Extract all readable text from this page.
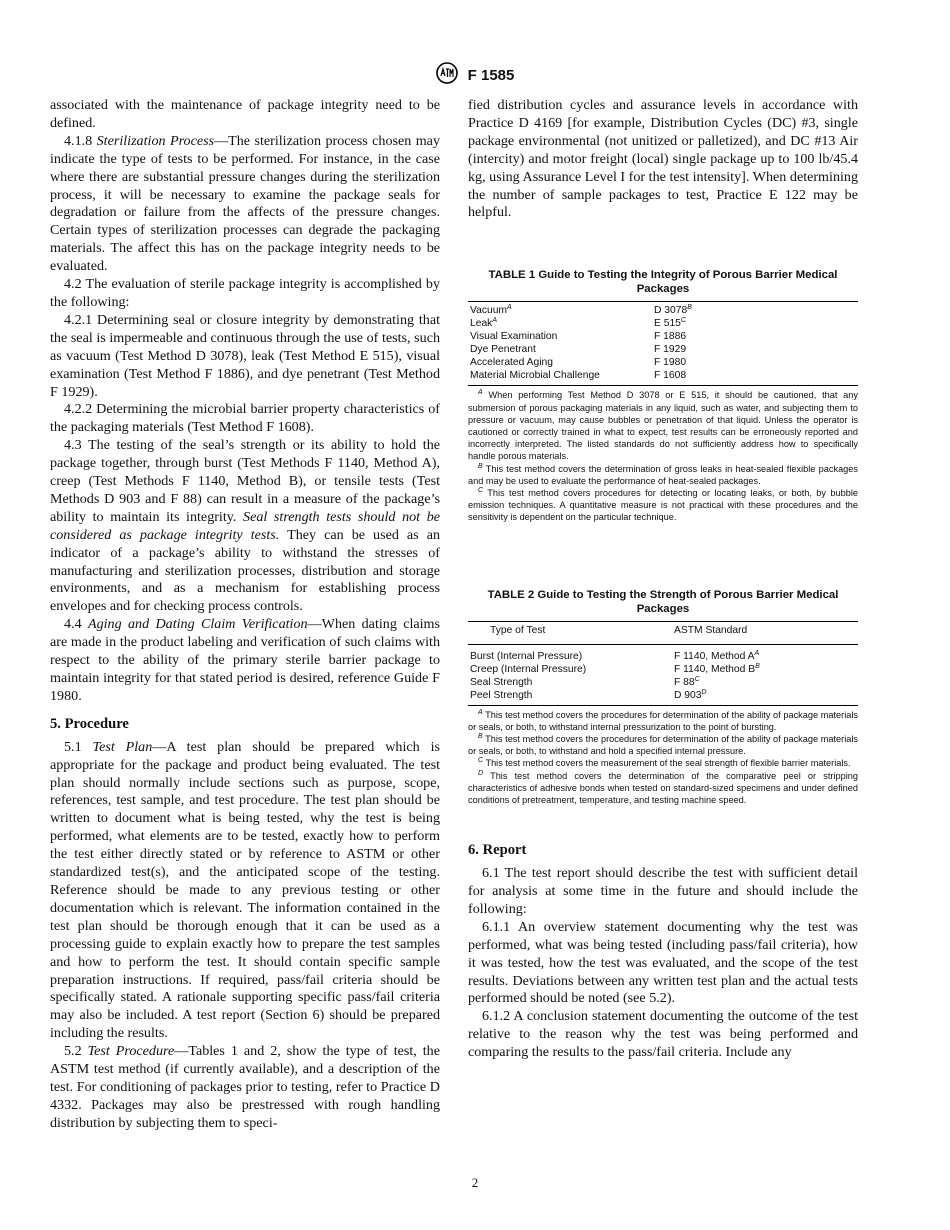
F 1585

associated with the maintenance of package integrity need to be defined.

4.1.8 Sterilization Process—The sterilization process chosen may indicate the type of tests to be performed. For instance, in the case where there are substantial pressure changes during the sterilization process, it will be necessary to examine the package seals for degradation or failure from the affects of the pressure changes. Certain types of sterilization processes can degrade the packaging materials. The affect this has on the package integrity needs to be evaluated.

4.2 The evaluation of sterile package integrity is accomplished by the following:

4.2.1 Determining seal or closure integrity by demonstrating that the seal is impermeable and continuous through the use of tests, such as vacuum (Test Method D 3078), leak (Test Method E 515), visual examination (Test Method F 1886), and dye penetrant (Test Method F 1929).

4.2.2 Determining the microbial barrier property characteristics of the packaging materials (Test Method F 1608).

4.3 The testing of the seal’s strength or its ability to hold the package together, through burst (Test Methods F 1140, Method A), creep (Test Methods F 1140, Method B), or tensile tests (Test Methods D 903 and F 88) can result in a measure of the package’s ability to maintain its integrity. Seal strength tests should not be considered as package integrity tests. They can be used as an indicator of a package’s ability to withstand the stresses of manufacturing and sterilization processes, distribution and storage environments, and as a mechanism for establishing process envelopes and for checking process controls.

4.4 Aging and Dating Claim Verification—When dating claims are made in the product labeling and verification of such claims with respect to the ability of the primary sterile barrier package to maintain integrity for that stated period is desired, reference Guide F 1980.

5. Procedure

5.1 Test Plan—A test plan should be prepared which is appropriate for the package and product being evaluated. The test plan should normally include sections such as purpose, scope, references, test sample, and test procedure. The test plan should be written to document what is being tested, why the test is being performed, what elements are to be tested, exactly how to perform the test either directly stated or by reference to ASTM or other standardized test(s), and the anticipated scope of the testing. Reference should be made to any previous testing or other documentation which is relevant. The information contained in the test plan should be thorough enough that it can be used as a processing guide to explain exactly how to prepare the test samples and how to perform the test. It should contain specific sample preparation instructions. If required, pass/fail criteria should be specifically stated. A rationale supporting specific pass/fail criteria may also be included. A test report (Section 6) should be prepared including the results.

5.2 Test Procedure—Tables 1 and 2, show the type of test, the ASTM test method (if currently available), and a description of the test. For conditioning of packages prior to testing, refer to Practice D 4332. Packages may also be prestressed with rough handling distribution by subjecting them to speci-

fied distribution cycles and assurance levels in accordance with Practice D 4169 [for example, Distribution Cycles (DC) #3, single package environmental (not unitized or palletized), and DC #13 Air (intercity) and motor freight (local) single package up to 100 lb/45.4 kg, using Assurance Level I for the test intensity]. When determining the number of sample packages to test, Practice E 122 may be helpful.

TABLE 1 Guide to Testing the Integrity of Porous Barrier Medical Packages

Vacuum$^A$	D $3078^B$
Leak$^A$	E $515^C$
Visual Examination	F 1886
Dye Penetrant	F 1929
Accelerated Aging	F 1980
Material Microbial Challenge	F 1608

$^A$ When performing Test Method D 3078 or E 515, it should be cautioned, that any submersion of porous packaging materials in any liquid, such as water, and subjecting them to pressure or vacuum, may cause bubbles or penetration of that liquid. Unless the operator is cautioned or correctly trained in what to expect, test results can be erroneously reported and incorrectly interpreted. The listed standards do not sufficiently address how to specifically handle porous materials.

$^B$ This test method covers the determination of gross leaks in heat-sealed flexible packages and may be used to evaluate the performance of heat-sealed packages.

$^C$ This test method covers procedures for detecting or locating leaks, or both, by bubble emission techniques. A quantitative measure is not practical with these procedures and the sensitivity is dependent on the particular technique.

TABLE 2 Guide to Testing the Strength of Porous Barrier Medical Packages

Type of Test	ASTM Standard
Burst (Internal Pressure)	F 1140, Method $A^A$
Creep (Internal Pressure)	F 1140, Method $B^B$
Seal Strength	F $88^C$
Peel Strength	D $903^D$

$^A$ This test method covers the procedures for determination of the ability of package materials or seals, or both, to withstand internal pressurization to the point of bursting.

$^B$ This test method covers the procedures for determination of the ability of package materials or seals, or both, to withstand and hold a specified internal pressure.

$^C$ This test method covers the measurement of the seal strength of flexible barrier materials.

$^D$ This test method covers the determination of the comparative peel or stripping characteristics of adhesive bonds when tested on standard-sized specimens and under defined conditions of pretreatment, temperature, and testing machine speed.

6. Report

6.1 The test report should describe the test with sufficient detail for analysis at some time in the future and should include the following:

6.1.1 An overview statement documenting why the test was performed, what was being tested (including pass/fail criteria), how it was tested, how the test was evaluated, and the scope of the test results. Deviations between any written test plan and the actual tests performed should be noted (see 5.2).

6.1.2 A conclusion statement documenting the outcome of the test relative to the reason why the test was being performed and comparing the results to the pass/fail criteria. Include any

2
